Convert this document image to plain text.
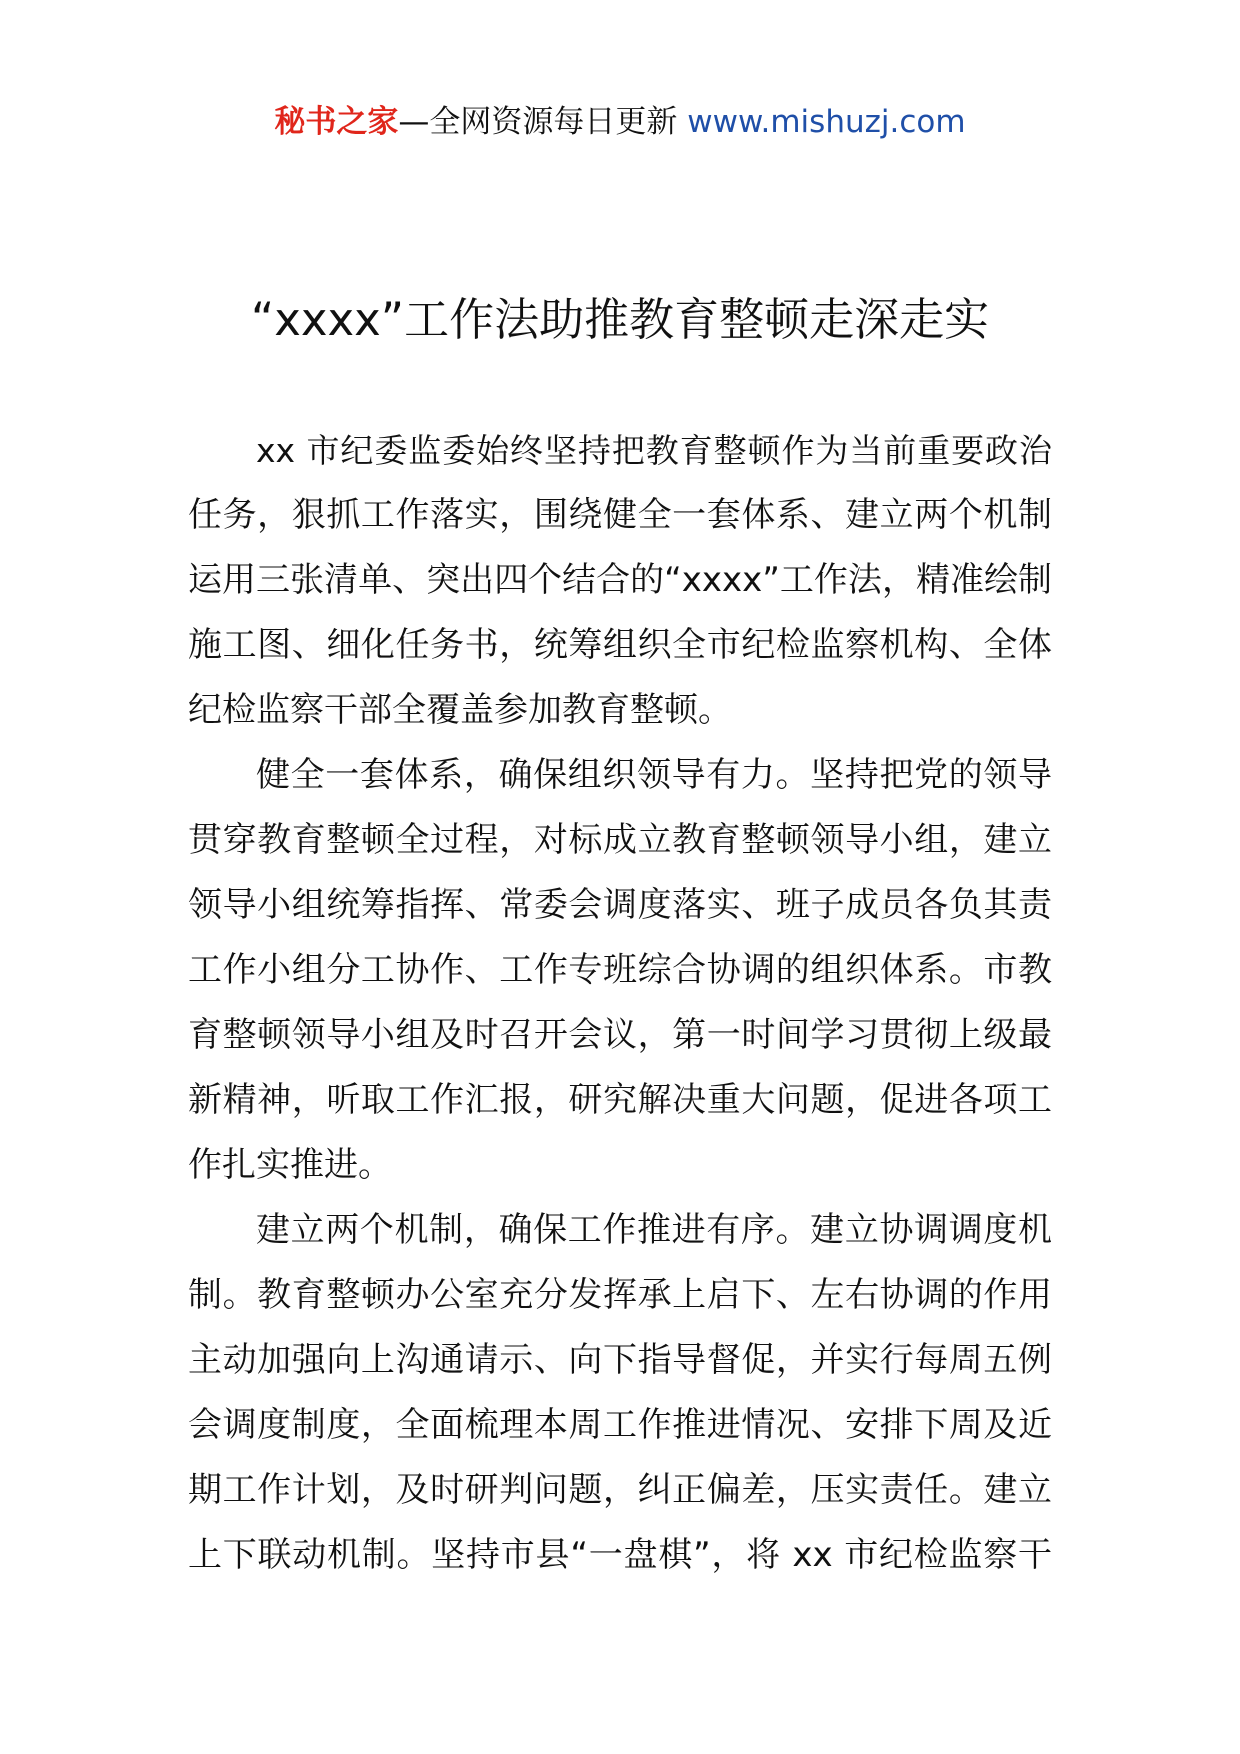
秘书之家—全网资源每日更新 www.mishuzj.com
“xxxx”工作法助推教育整顿走深走实
xx 市纪委监委始终坚持把教育整顿作为当前重要政治
任务，狠抓工作落实，围绕健全一套体系、建立两个机制
运用三张清单、突出四个结合的“xxxx”工作法，精准绘制
施工图、细化任务书，统筹组织全市纪检监察机构、全体
纪检监察干部全覆盖参加教育整顿。
健全一套体系，确保组织领导有力。坚持把党的领导
贯穿教育整顿全过程，对标成立教育整顿领导小组，建立
领导小组统筹指挥、常委会调度落实、班子成员各负其责
工作小组分工协作、工作专班综合协调的组织体系。市教
育整顿领导小组及时召开会议，第一时间学习贯彻上级最
新精神，听取工作汇报，研究解决重大问题，促进各项工
作扎实推进。
建立两个机制，确保工作推进有序。建立协调调度机
制。教育整顿办公室充分发挥承上启下、左右协调的作用
主动加强向上沟通请示、向下指导督促，并实行每周五例
会调度制度，全面梳理本周工作推进情况、安排下周及近
期工作计划，及时研判问题，纠正偏差，压实责任。建立
上下联动机制。坚持市县“一盘棋”，将 xx 市纪检监察干
